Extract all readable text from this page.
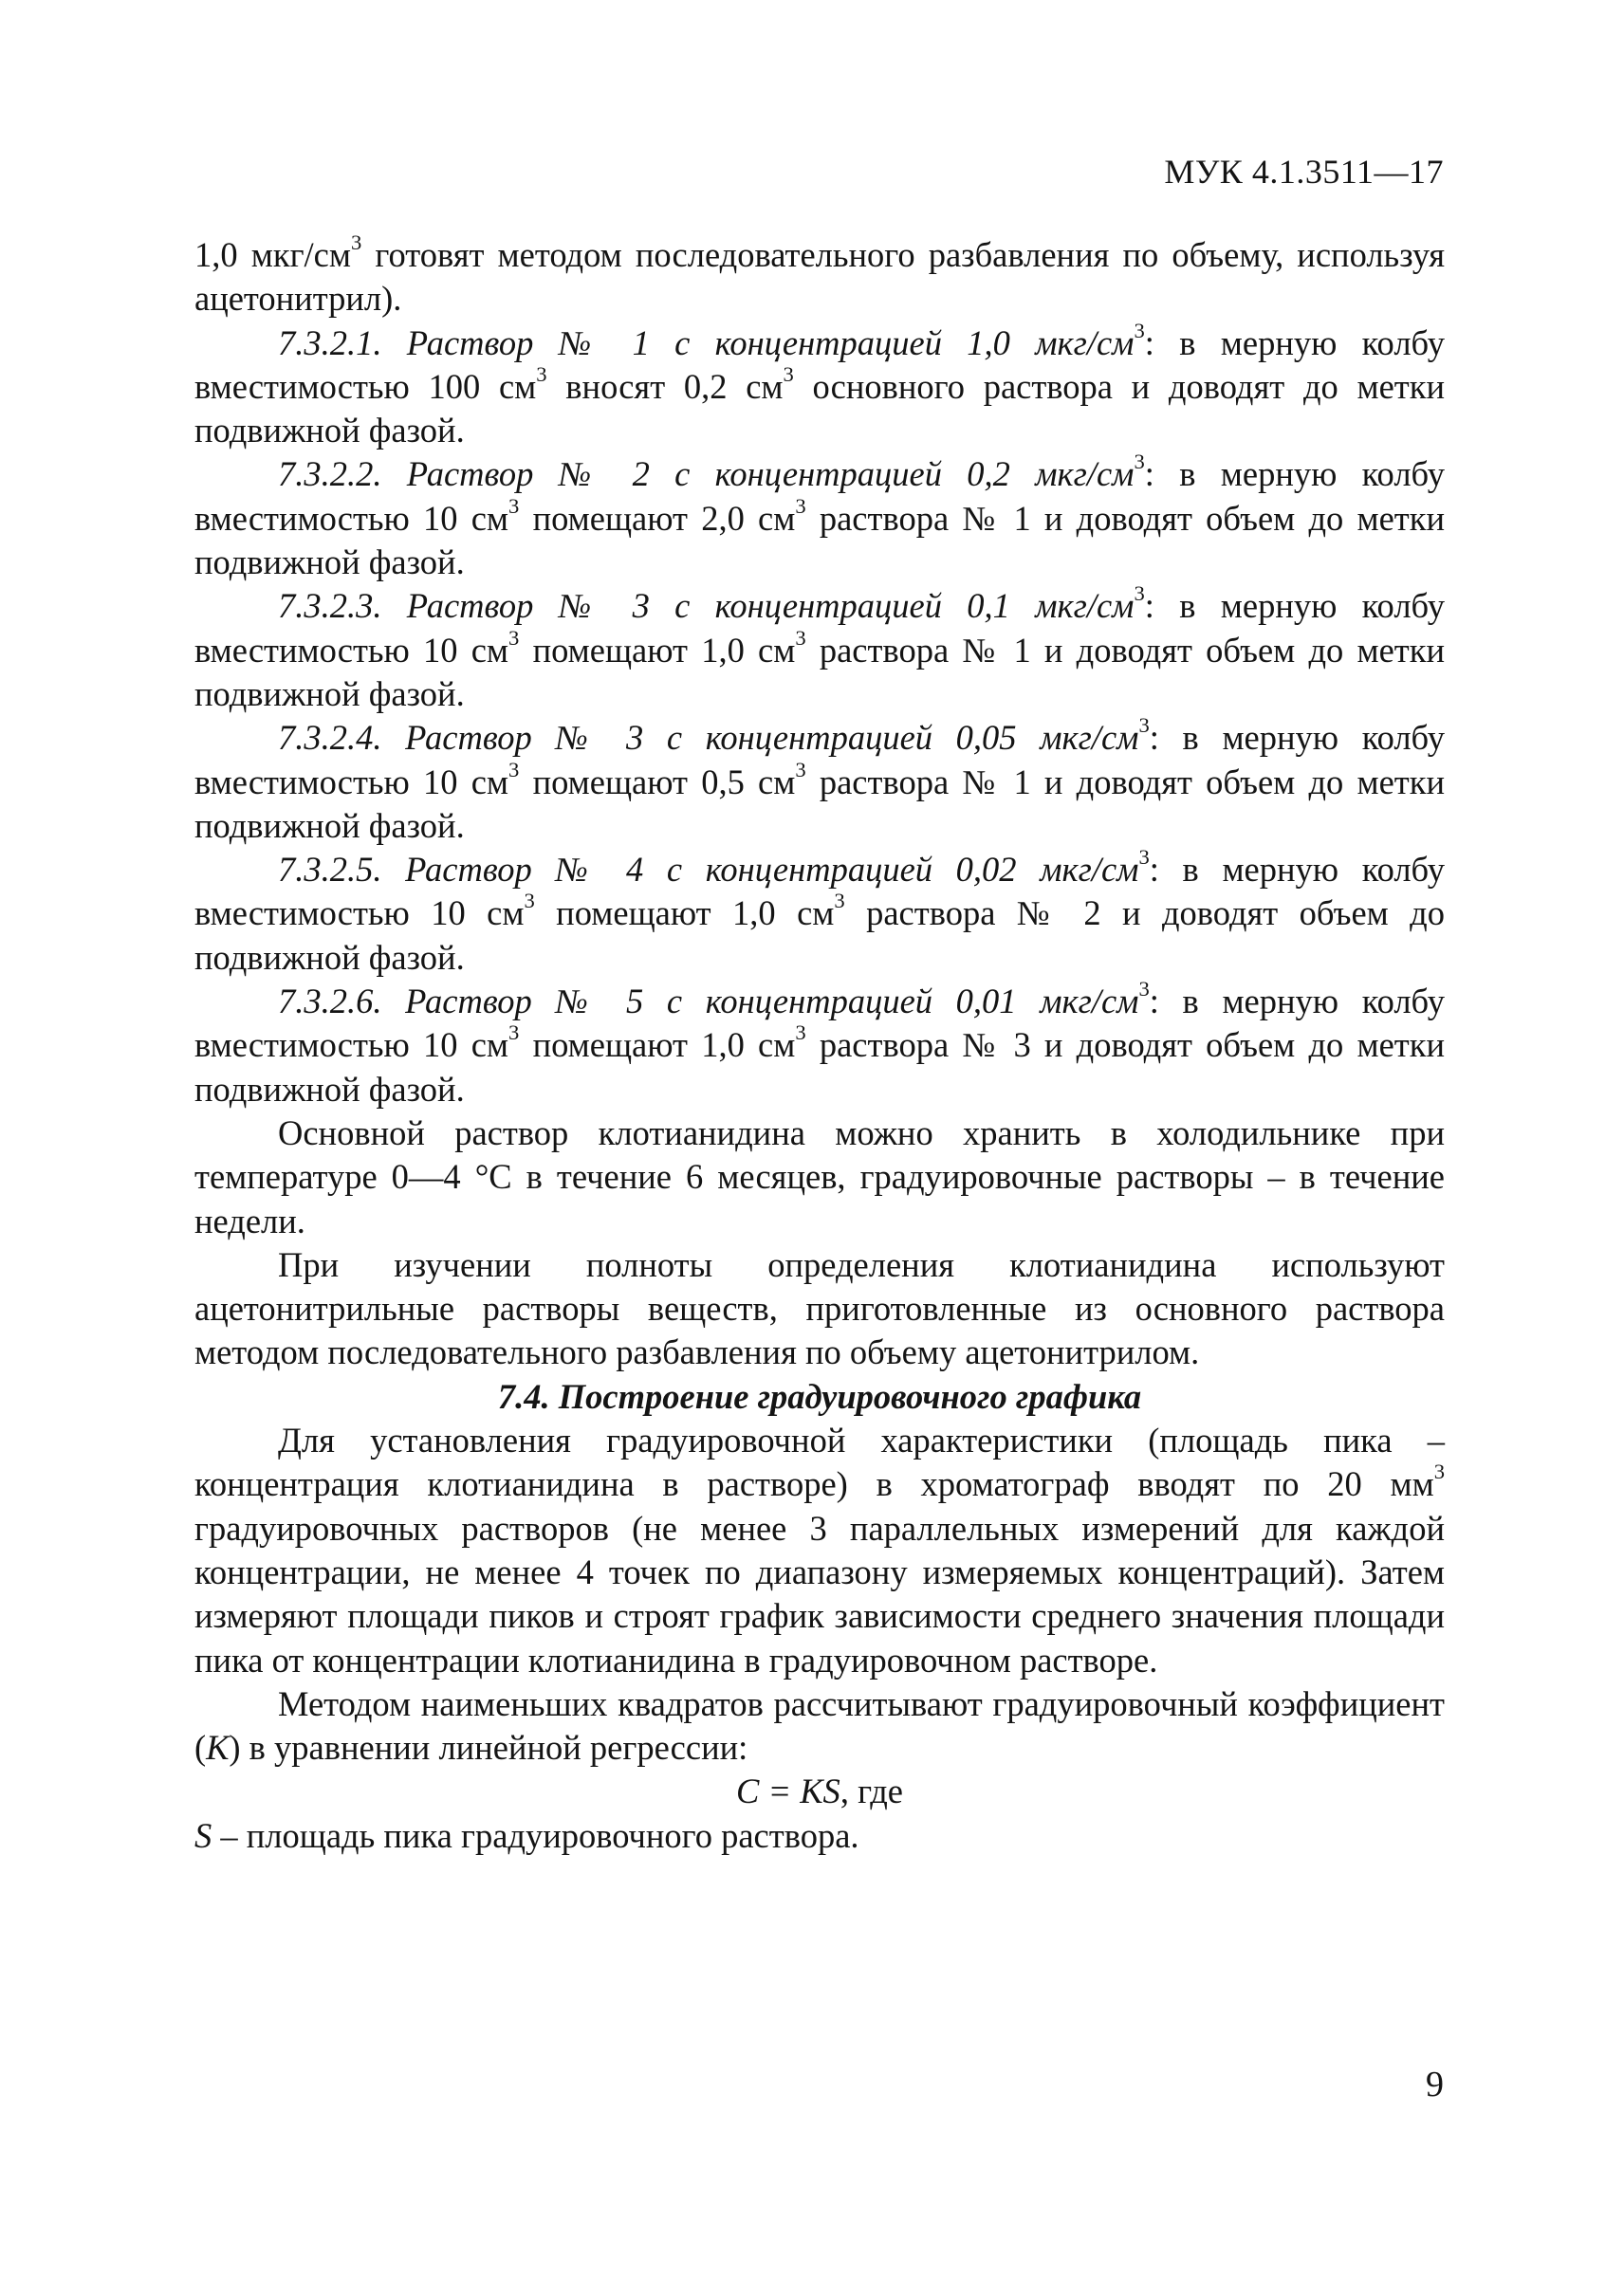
МУК 4.1.3511—17

1,0 мкг/$см^3$ готовят методом последовательного разбавления по объему, используя ацетонитрил).

7.3.2.1. Раствор № 1 с концентрацией 1,0 мкг/$см^3$: в мерную колбу вместимостью 100 $см^3$ вносят 0,2 $см^3$ основного раствора и доводят до метки подвижной фазой.

7.3.2.2. Раствор № 2 с концентрацией 0,2 мкг/$см^3$: в мерную колбу вместимостью 10 $см^3$ помещают 2,0 $см^3$ раствора № 1 и доводят объем до метки подвижной фазой.

7.3.2.3. Раствор № 3 с концентрацией 0,1 мкг/$см^3$: в мерную колбу вместимостью 10 $см^3$ помещают 1,0 $см^3$ раствора № 1 и доводят объем до метки подвижной фазой.

7.3.2.4. Раствор № 3 с концентрацией 0,05 мкг/$см^3$: в мерную колбу вместимостью 10 $см^3$ помещают 0,5 $см^3$ раствора № 1 и доводят объем до метки подвижной фазой.

7.3.2.5. Раствор № 4 с концентрацией 0,02 мкг/$см^3$: в мерную колбу вместимостью 10 $см^3$ помещают 1,0 $см^3$ раствора № 2 и доводят объем до подвижной фазой.

7.3.2.6. Раствор № 5 с концентрацией 0,01 мкг/$см^3$: в мерную колбу вместимостью 10 $см^3$ помещают 1,0 $см^3$ раствора № 3 и доводят объем до метки подвижной фазой.

Основной раствор клотианидина можно хранить в холодильнике при температуре 0—4 °С в течение 6 месяцев, градуировочные растворы – в течение недели.

При изучении полноты определения клотианидина используют ацетонитрильные растворы веществ, приготовленные из основного раствора методом последовательного разбавления по объему ацетонитрилом.

7.4. Построение градуировочного графика

Для установления градуировочной характеристики (площадь пика – концентрация клотианидина в растворе) в хроматограф вводят по 20 $мм^3$ градуировочных растворов (не менее 3 параллельных измерений для каждой концентрации, не менее 4 точек по диапазону измеряемых концентраций). Затем измеряют площади пиков и строят график зависимости среднего значения площади пика от концентрации клотианидина в градуировочном растворе.

Методом наименьших квадратов рассчитывают градуировочный коэффициент (К) в уравнении линейной регрессии:

C = KS, где

S – площадь пика градуировочного раствора.

9
